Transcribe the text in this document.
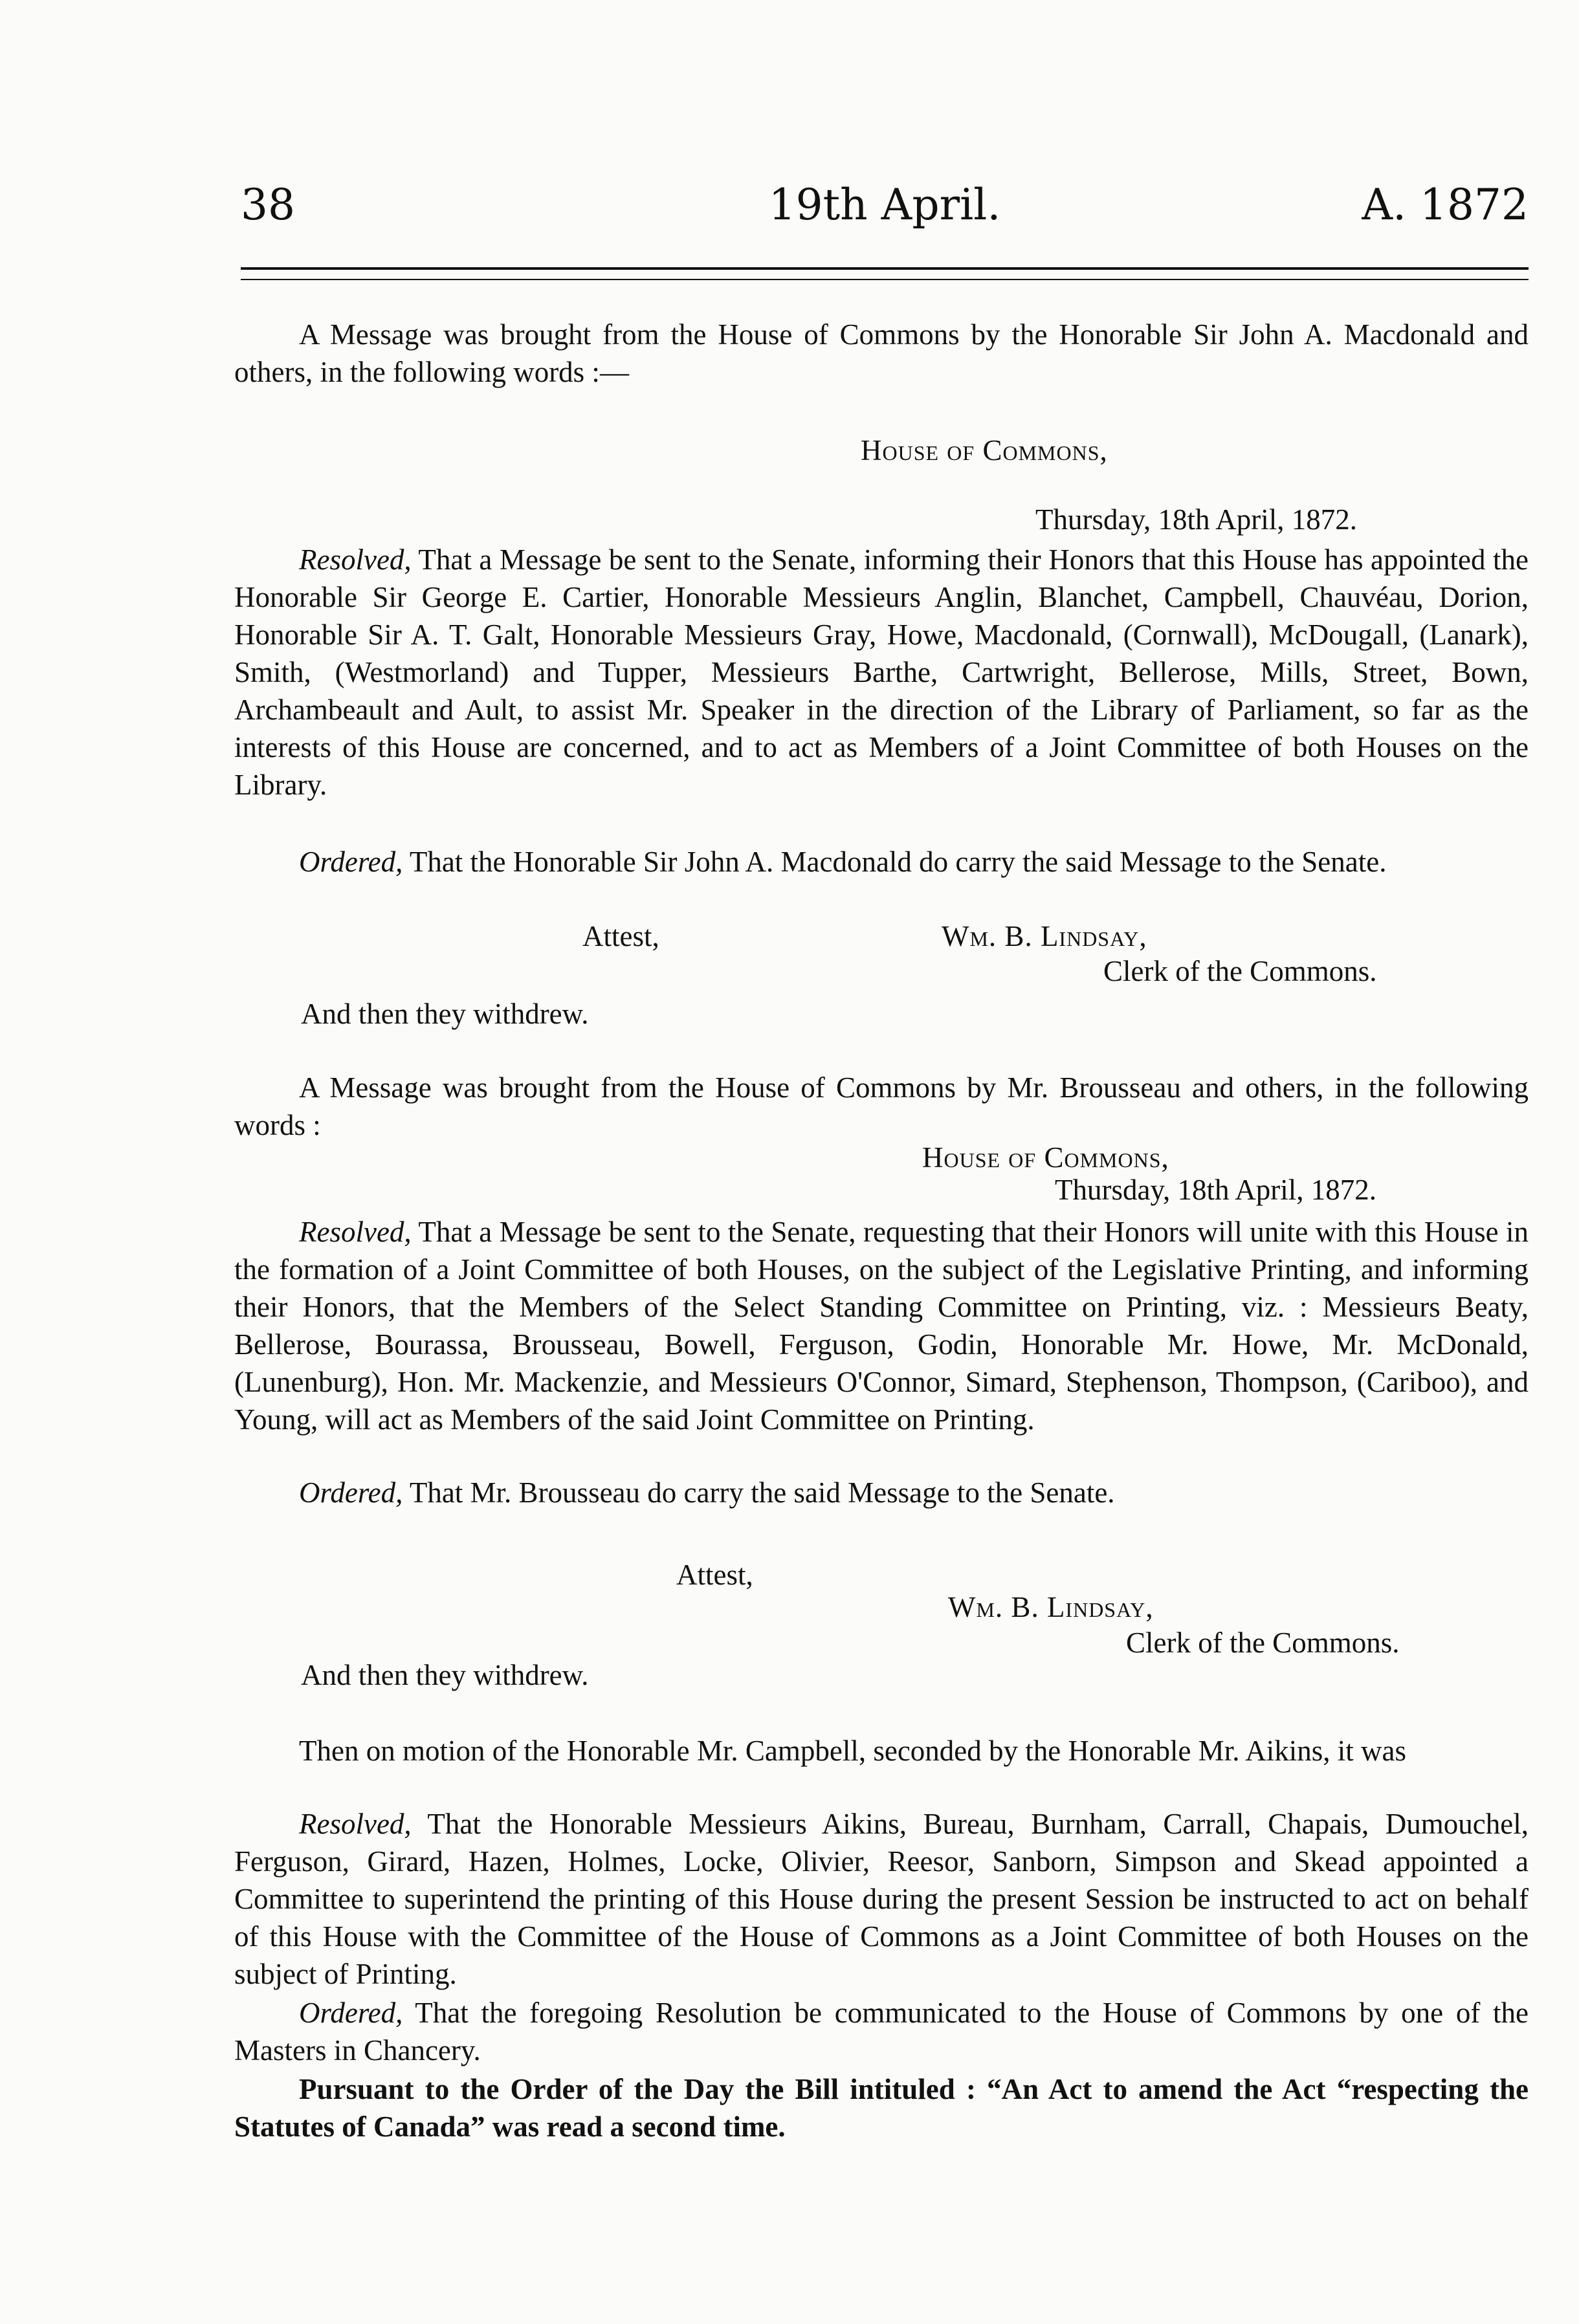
38	19th April.	A. 1872
A Message was brought from the House of Commons by the Honorable Sir John A. Macdonald and others, in the following words :—
House of Commons,
Thursday, 18th April, 1872.
Resolved, That a Message be sent to the Senate, informing their Honors that this House has appointed the Honorable Sir George E. Cartier, Honorable Messieurs Anglin, Blanchet, Campbell, Chauvéau, Dorion, Honorable Sir A. T. Galt, Honorable Messieurs Gray, Howe, Macdonald, (Cornwall), McDougall, (Lanark), Smith, (Westmorland) and Tupper, Messieurs Barthe, Cartwright, Bellerose, Mills, Street, Bown, Archambeault and Ault, to assist Mr. Speaker in the direction of the Library of Parliament, so far as the interests of this House are concerned, and to act as Members of a Joint Committee of both Houses on the Library.
Ordered, That the Honorable Sir John A. Macdonald do carry the said Message to the Senate.
Attest,	Wm. B. Lindsay,
Clerk of the Commons.
And then they withdrew.
A Message was brought from the House of Commons by Mr. Brousseau and others, in the following words :
House of Commons,
Thursday, 18th April, 1872.
Resolved, That a Message be sent to the Senate, requesting that their Honors will unite with this House in the formation of a Joint Committee of both Houses, on the subject of the Legislative Printing, and informing their Honors, that the Members of the Select Standing Committee on Printing, viz. : Messieurs Beaty, Bellerose, Bourassa, Brousseau, Bowell, Ferguson, Godin, Honorable Mr. Howe, Mr. McDonald, (Lunenburg), Hon. Mr. Mackenzie, and Messieurs O'Connor, Simard, Stephenson, Thompson, (Cariboo), and Young, will act as Members of the said Joint Committee on Printing.
Ordered, That Mr. Brousseau do carry the said Message to the Senate.
Attest,
Wm. B. Lindsay,
Clerk of the Commons.
And then they withdrew.
Then on motion of the Honorable Mr. Campbell, seconded by the Honorable Mr. Aikins, it was
Resolved, That the Honorable Messieurs Aikins, Bureau, Burnham, Carrall, Chapais, Dumouchel, Ferguson, Girard, Hazen, Holmes, Locke, Olivier, Reesor, Sanborn, Simpson and Skead appointed a Committee to superintend the printing of this House during the present Session be instructed to act on behalf of this House with the Committee of the House of Commons as a Joint Committee of both Houses on the subject of Printing.
Ordered, That the foregoing Resolution be communicated to the House of Commons by one of the Masters in Chancery.
Pursuant to the Order of the Day the Bill intituled : “An Act to amend the Act “respecting the Statutes of Canada” was read a second time.
